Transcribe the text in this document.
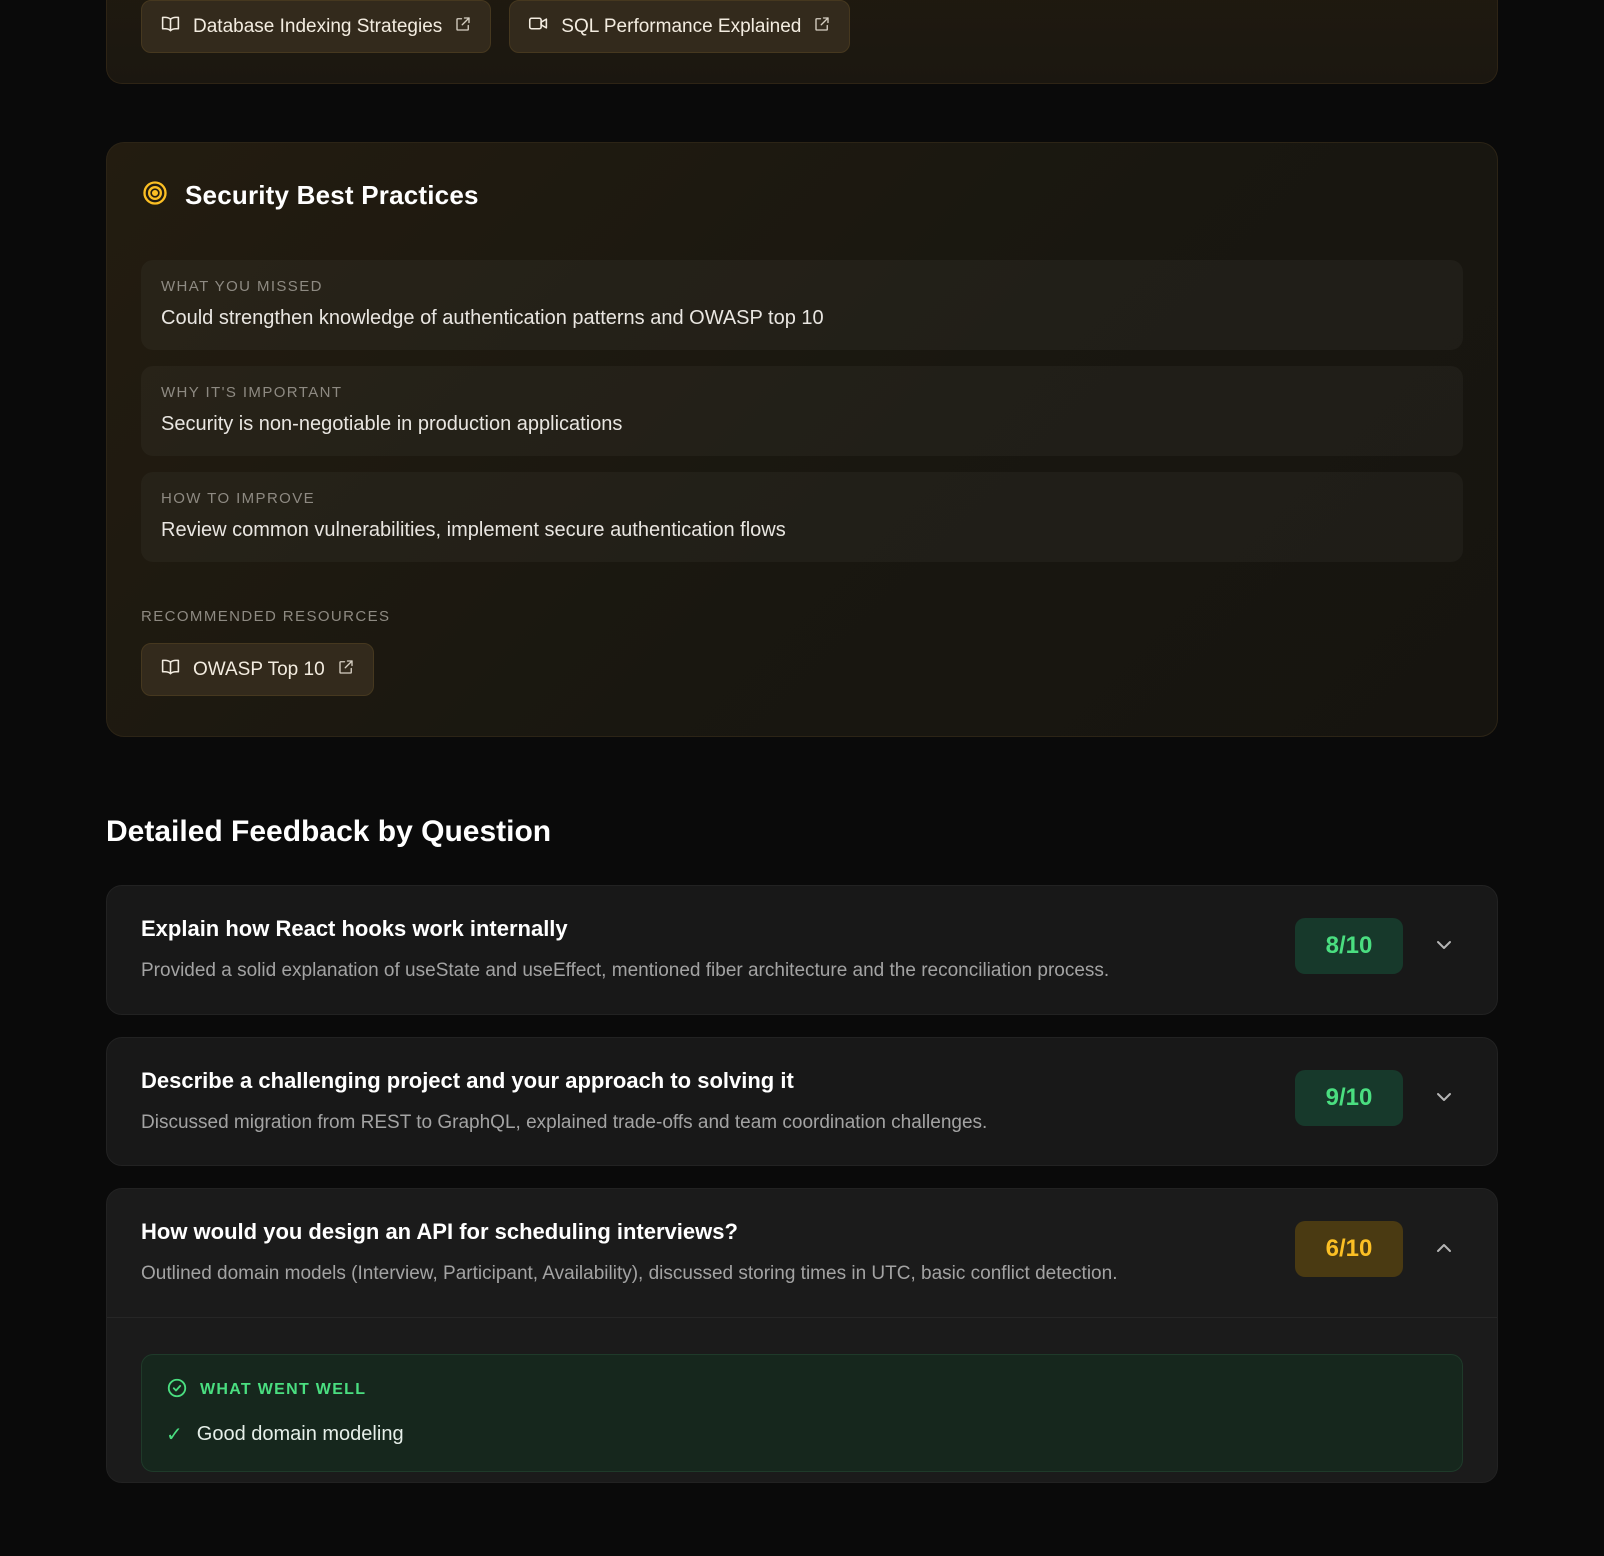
Database Indexing Strategies	SQL Performance Explained
Security Best Practices
WHAT YOU MISSED
Could strengthen knowledge of authentication patterns and OWASP top 10
WHY IT'S IMPORTANT
Security is non-negotiable in production applications
HOW TO IMPROVE
Review common vulnerabilities, implement secure authentication flows
RECOMMENDED RESOURCES
OWASP Top 10
Detailed Feedback by Question
Explain how React hooks work internally
Provided a solid explanation of useState and useEffect, mentioned fiber architecture and the reconciliation process.
8/10
Describe a challenging project and your approach to solving it
Discussed migration from REST to GraphQL, explained trade-offs and team coordination challenges.
9/10
How would you design an API for scheduling interviews?
Outlined domain models (Interview, Participant, Availability), discussed storing times in UTC, basic conflict detection.
6/10
WHAT WENT WELL
✓ Good domain modeling
